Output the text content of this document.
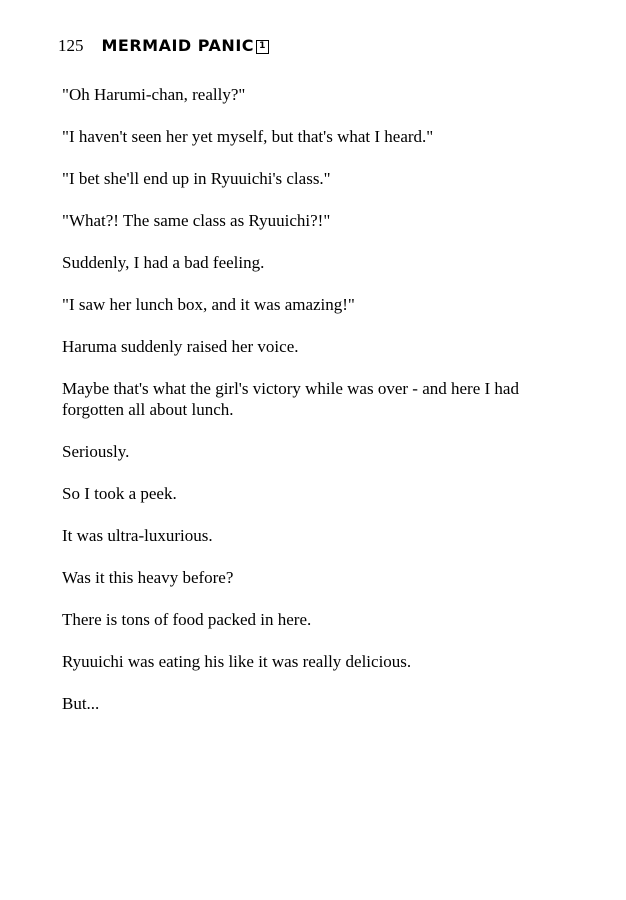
125 MERMAID PANIC 1

"Oh Harumi-chan, really?"

"I haven't seen her yet myself, but that's what I heard."

"I bet she'll end up in Ryuuichi's class."

"What?! The same class as Ryuuichi?!"

Suddenly, I had a bad feeling.

"I saw her lunch box, and it was amazing!"

Haruma suddenly raised her voice.

Maybe that's what the girl's victory while was over - and here I had forgotten all about lunch.

Seriously.

So I took a peek.

It was ultra-luxurious.

Was it this heavy before?

There is tons of food packed in here.

Ryuuichi was eating his like it was really delicious.

But...
